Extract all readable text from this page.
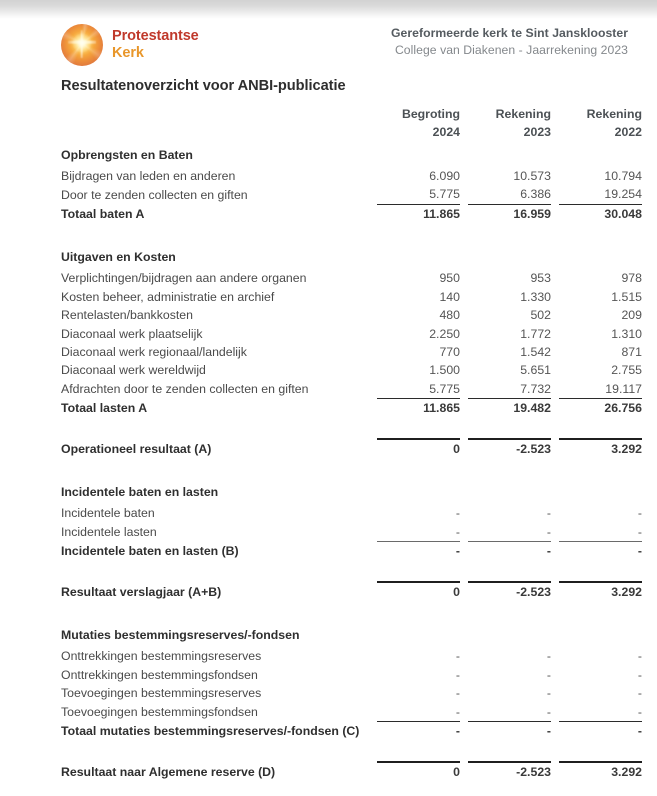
Protestantse
Kerk
Gereformeerde kerk te Sint Jansklooster
College van Diakenen - Jaarrekening 2023
Resultatenoverzicht voor ANBI-publicatie
	Begroting		Rekening		Rekening
	2024		2023		2022
Opbrengsten en Baten					
Bijdragen van leden en anderen	6.090		10.573		10.794
Door te zenden collecten en giften	5.775		6.386		19.254
Totaal baten A	11.865		16.959		30.048

Uitgaven en Kosten					
Verplichtingen/bijdragen aan andere organen	950		953		978
Kosten beheer, administratie en archief	140		1.330		1.515
Rentelasten/bankkosten	480		502		209
Diaconaal werk plaatselijk	2.250		1.772		1.310
Diaconaal werk regionaal/landelijk	770		1.542		871
Diaconaal werk wereldwijd	1.500		5.651		2.755
Afdrachten door te zenden collecten en giften	5.775		7.732		19.117
Totaal lasten A	11.865		19.482		26.756

Operationeel resultaat (A)	0		-2.523		3.292

Incidentele baten en lasten					
Incidentele baten	-		-		-
Incidentele lasten	-		-		-
Incidentele baten en lasten (B)	-		-		-

Resultaat verslagjaar (A+B)	0		-2.523		3.292

Mutaties bestemmingsreserves/-fondsen					
Onttrekkingen bestemmingsreserves	-		-		-
Onttrekkingen bestemmingsfondsen	-		-		-
Toevoegingen bestemmingsreserves	-		-		-
Toevoegingen bestemmingsfondsen	-		-		-
Totaal mutaties bestemmingsreserves/-fondsen (C)	-		-		-

Resultaat naar Algemene reserve (D)	0		-2.523		3.292
